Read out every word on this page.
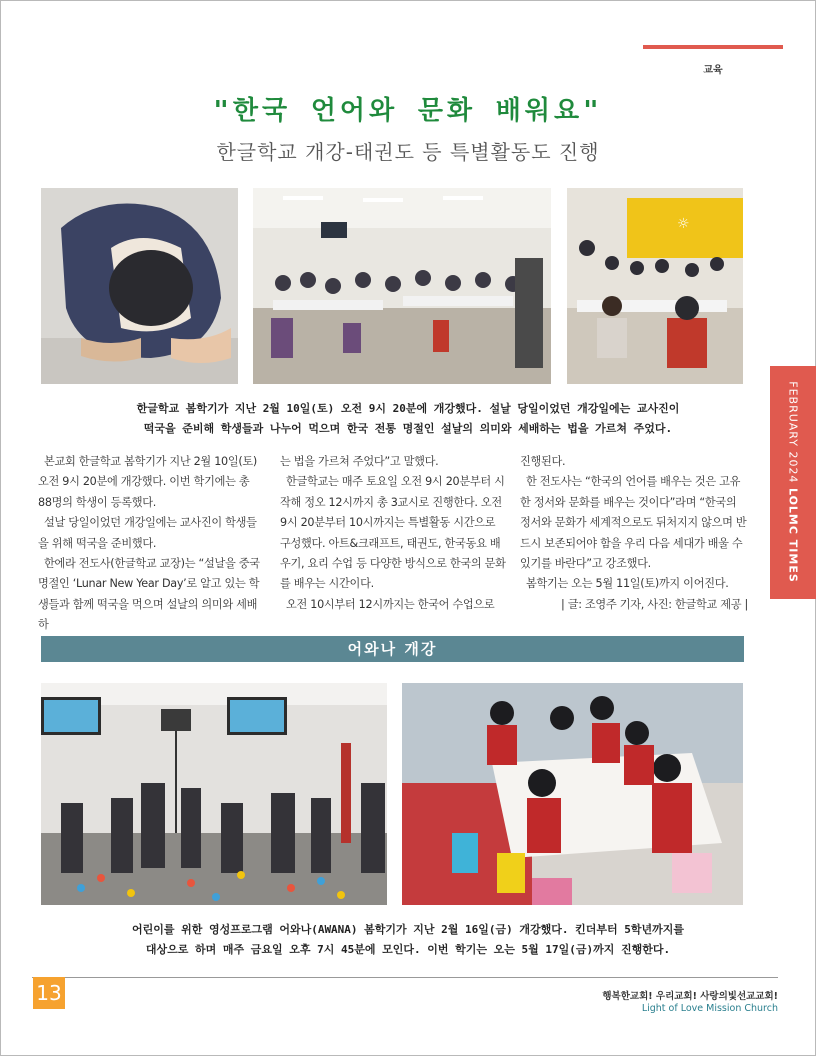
교육
"한국 언어와 문화 배워요"
한글학교 개강-태권도 등 특별활동도 진행
☼
한글학교 봄학기가 지난 2월 10일(토) 오전 9시 20분에 개강했다. 설날 당일이었던 개강일에는 교사진이
떡국을 준비해 학생들과 나누어 먹으며 한국 전통 명절인 설날의 의미와 세배하는 법을 가르쳐 주었다.

본교회 한글학교 봄학기가 지난 2월 10일(토) 오전 9시 20분에 개강했다. 이번 학기에는 총 88명의 학생이 등록했다.

설날 당일이었던 개강일에는 교사진이 학생들을 위해 떡국을 준비했다.

한에라 전도사(한글학교 교장)는 “설날을 중국 명절인 ‘Lunar New Year Day’로 알고 있는 학생들과 함께 떡국을 먹으며 설날의 의미와 세배하

는 법을 가르쳐 주었다”고 말했다.

한글학교는 매주 토요일 오전 9시 20분부터 시작해 정오 12시까지 총 3교시로 진행한다. 오전 9시 20분부터 10시까지는 특별활동 시간으로 구성했다. 아트&크래프트, 태권도, 한국동요 배우기, 요리 수업 등 다양한 방식으로 한국의 문화를 배우는 시간이다.

오전 10시부터 12시까지는 한국어 수업으로

진행된다.

한 전도사는 “한국의 언어를 배우는 것은 고유한 정서와 문화를 배우는 것이다”라며 “한국의 정서와 문화가 세계적으로도 뒤처지지 않으며 반드시 보존되어야 함을 우리 다음 세대가 배울 수 있기를 바란다”고 강조했다.

봄학기는 오는 5월 11일(토)까지 이어진다.

| 글: 조영주 기자, 사진: 한글학교 제공 |

FEBRUARY 2024 LOLMC TIMES
어와나 개강
어린이를 위한 영성프로그램 어와나(AWANA) 봄학기가 지난 2월 16일(금) 개강했다. 킨더부터 5학년까지를
대상으로 하며 매주 금요일 오후 7시 45분에 모인다. 이번 학기는 오는 5월 17일(금)까지 진행한다.
13	행복한교회! 우리교회! 사랑의빛선교교회!
Light of Love Mission Church
